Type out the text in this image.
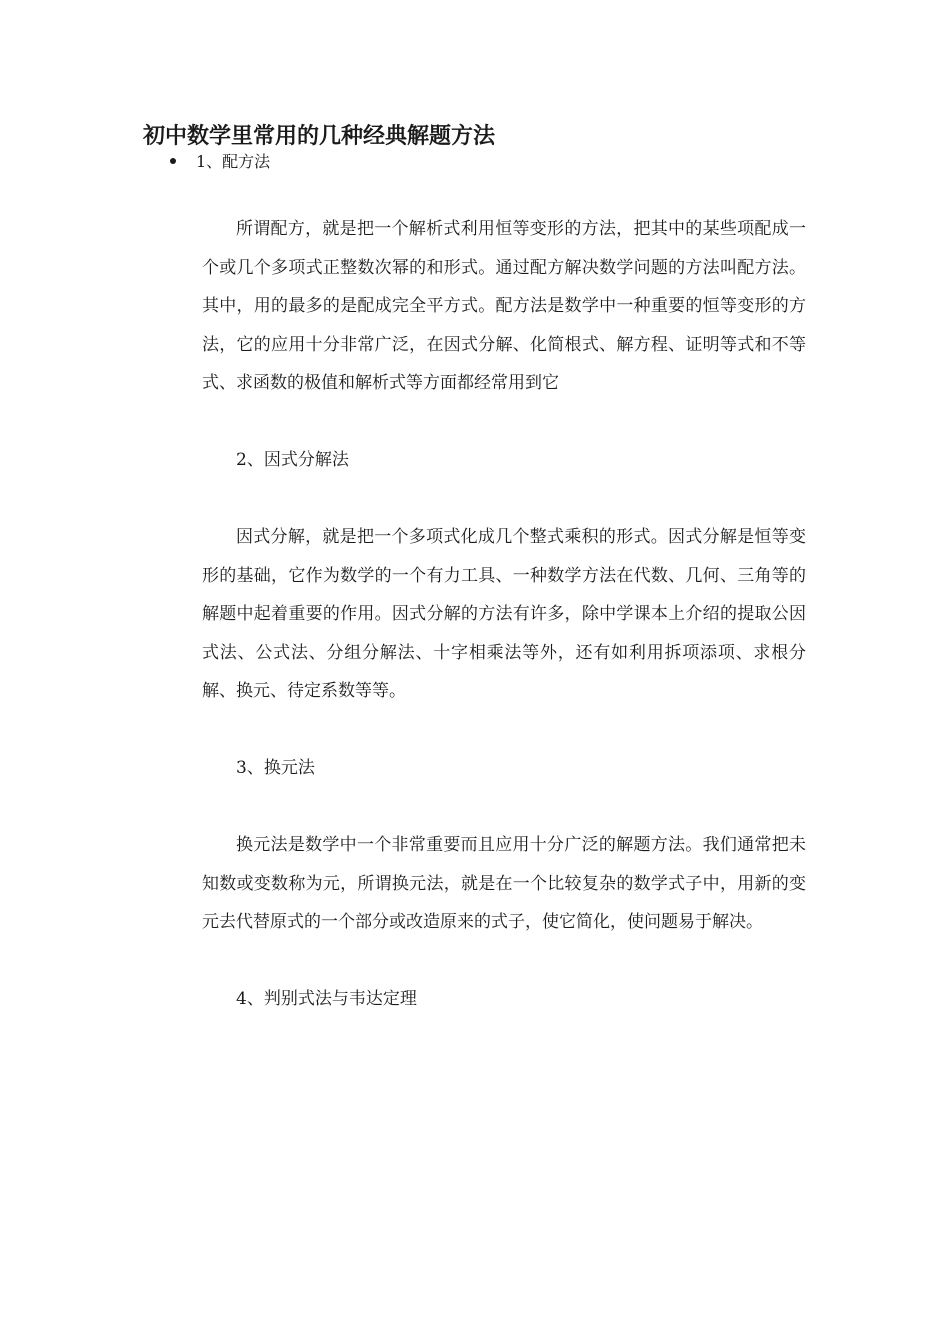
初中数学里常用的几种经典解题方法
1、配方法

所谓配方，就是把一个解析式利用恒等变形的方法，把其中的某些项配成一个或几个多项式正整数次幂的和形式。通过配方解决数学问题的方法叫配方法。其中，用的最多的是配成完全平方式。配方法是数学中一种重要的恒等变形的方法，它的应用十分非常广泛，在因式分解、化简根式、解方程、证明等式和不等式、求函数的极值和解析式等方面都经常用到它

2、因式分解法

因式分解，就是把一个多项式化成几个整式乘积的形式。因式分解是恒等变形的基础，它作为数学的一个有力工具、一种数学方法在代数、几何、三角等的解题中起着重要的作用。因式分解的方法有许多，除中学课本上介绍的提取公因式法、公式法、分组分解法、十字相乘法等外，还有如利用拆项添项、求根分解、换元、待定系数等等。

3、换元法

换元法是数学中一个非常重要而且应用十分广泛的解题方法。我们通常把未知数或变数称为元，所谓换元法，就是在一个比较复杂的数学式子中，用新的变元去代替原式的一个部分或改造原来的式子，使它简化，使问题易于解决。

4、判别式法与韦达定理
